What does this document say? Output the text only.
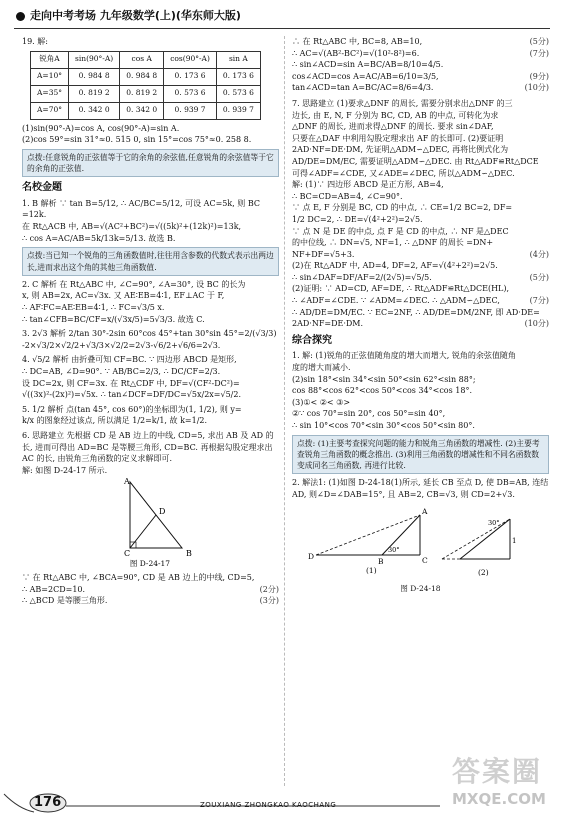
走向中考考场 九年级数学(上)(华东师大版)

19. 解:

锐角A	sin(90°-A)	cos A	cos(90°-A)	sin A
A=10°	0. 984 8	0. 984 8	0. 173 6	0. 173 6
A=35°	0. 819 2	0. 819 2	0. 573 6	0. 573 6
A=70°	0. 342 0	0. 342 0	0. 939 7	0. 939 7

(1)sin(90°-A)=cos A, cos(90°-A)=sin A.

(2)cos 59°=sin 31°≈0. 515 0, sin 15°=cos 75°≈0. 258 8.

点拨:任意锐角的正弦值等于它的余角的余弦值,任意锐角的余弦值等于它的余角的正弦值.
名校金题

1. B 解析 ∵ tan B=5/12, ∴ AC/BC=5/12, 可设 AC=5k, 则 BC

=12k.

在 Rt△ACB 中, AB=√(AC²+BC²)=√((5k)²+(12k)²)=13k,

∴ cos A=AC/AB=5k/13k=5/13. 故选 B.

点拨:当已知一个锐角的三角函数值时,往往用含参数的代数式表示出两边长,进而求出这个角的其他三角函数值.

2. C 解析 在 Rt△ABC 中, ∠C=90°, ∠A=30°, 设 BC 的长为

x, 则 AB=2x, AC=√3x. 又 AE∶EB=4∶1, EF⊥AC 于 F,

∴ AF∶FC=AE∶EB=4∶1, ∴ FC=√3/5 x.

∴ tan∠CFB=BC/CF=x/(√3x/5)=5√3/3. 故选 C.

3. 2√3 解析 2/tan 30°-2sin 60°cos 45°+tan 30°sin 45°=2/(√3/3)

-2×√3/2×√2/2+√3/3×√2/2=2√3-√6/2+√6/6=2√3.

4. √5/2 解析 由折叠可知 CF=BC. ∵ 四边形 ABCD 是矩形,

∴ DC=AB, ∠D=90°. ∵ AB/BC=2/3, ∴ DC/CF=2/3.

设 DC=2x, 则 CF=3x. 在 Rt△CDF 中, DF=√(CF²-DC²)=

√((3x)²-(2x)²)=√5x. ∴ tan∠DCF=DF/DC=√5x/2x=√5/2.

5. 1/2 解析 点(tan 45°, cos 60°)的坐标即为(1, 1/2), 则 y=

k/x 的图象经过该点, 所以满足 1/2=k/1, 故 k=1/2.

6. 思路建立 先根据 CD 是 AB 边上的中线, CD=5, 求出 AB 及 AD 的长, 进而可得出 AD=BC 是等腰三角形, CD=BC. 再根据勾股定理求出 AC 的长, 由锐角三角函数的定义求解即可.

解: 如图 D-24-17 所示.

A
B
C
D
图 D-24-17

∵ 在 Rt△ABC 中, ∠BCA=90°, CD 是 AB 边上的中线, CD=5,

∴ AB=2CD=10.	(2分)

∴ △BCD 是等腰三角形.	(3分)

∴ 在 Rt△ABC 中, BC=8, AB=10,	(5分)

∴ AC=√(AB²-BC²)=√(10²-8²)=6.	(7分)

∴ sin∠ACD=sin A=BC/AB=8/10=4/5.

cos∠ACD=cos A=AC/AB=6/10=3/5,	(9分)

tan∠ACD=tan A=BC/AC=8/6=4/3.	(10分)

7. 思路建立 (1)要求△DNF 的周长, 需要分别求出△DNF 的三

边长, 由 E, N, F 分别为 BC, CD, AB 的中点, 可转化为求

△DNF 的周长, 进而求得△DNF 的周长. 要求 sin∠DAF,

只要在△DAF 中利用勾股定理求出 AF 的长即可. (2)要证明

2AD·NF=DE·DM, 先证明△ADM∽△DEC, 再将比例式化为

AD/DE=DM/EC, 需要证明△ADM∽△DEC. 由 Rt△ADF≌Rt△DCE

可得∠ADF=∠CDE, 又∠ADE=∠DEC, 所以△ADM∽△DEC.

解: (1)∵ 四边形 ABCD 是正方形, AB=4,

∴ BC=CD=AB=4, ∠C=90°.

∵ 点 E, F 分别是 BC, CD 的中点, ∴ CE=1/2 BC=2, DF=

1/2 DC=2, ∴ DE=√(4²+2²)=2√5.

∵ 点 N 是 DE 的中点, 点 F 是 CD 的中点, ∴ NF 是△DEC

的中位线, ∴ DN=√5, NF=1, ∴ △DNF 的周长 =DN+

NF+DF=√5+3.	(4分)

(2)在 Rt△ADF 中, AD=4, DF=2, AF=√(4²+2²)=2√5.

∴ sin∠DAF=DF/AF=2/(2√5)=√5/5.	(5分)

(2)证明: ∵ AD=CD, AF=DE, ∴ Rt△ADF≌Rt△DCE(HL),

∴ ∠ADF=∠CDE. ∵ ∠ADM=∠DEC. ∴ △ADM∽△DEC,	(7分)

∴ AD/DE=DM/EC. ∵ EC=2NF, ∴ AD/DE=DM/2NF, 即 AD·DE=

2AD·NF=DE·DM.	(10分)

综合探究

1. 解: (1)锐角的正弦值随角度的增大而增大, 锐角的余弦值随角

度的增大而减小.

(2)sin 18°<sin 34°<sin 50°<sin 62°<sin 88°;

cos 88°<cos 62°<cos 50°<cos 34°<cos 18°.

(3)①< ②< ③>

②∵ cos 70°=sin 20°, cos 50°=sin 40°,

∴ sin 10°<cos 70°<sin 30°<cos 50°<sin 80°.

点拨: (1)主要考查探究问题的能力和锐角三角函数的增减性. (2)主要考查锐角三角函数的概念推出. (3)利用三角函数的增减性和不同名函数数变成同名三角函数, 再进行比较.

2. 解法1: (1)如图 D-24-18(1)所示, 延长 CB 至点 D, 使 DB=AB, 连结

AD, 则∠D=∠DAB=15°, 且 AB=2, CB=√3, 则 CD=2+√3.

A
D
B	C
30°
(1)
30°
1
(2)

图 D-24-18

176	ZOUXIANG ZHONGKAO KAOCHANG
答案圈
MXQE.COM
